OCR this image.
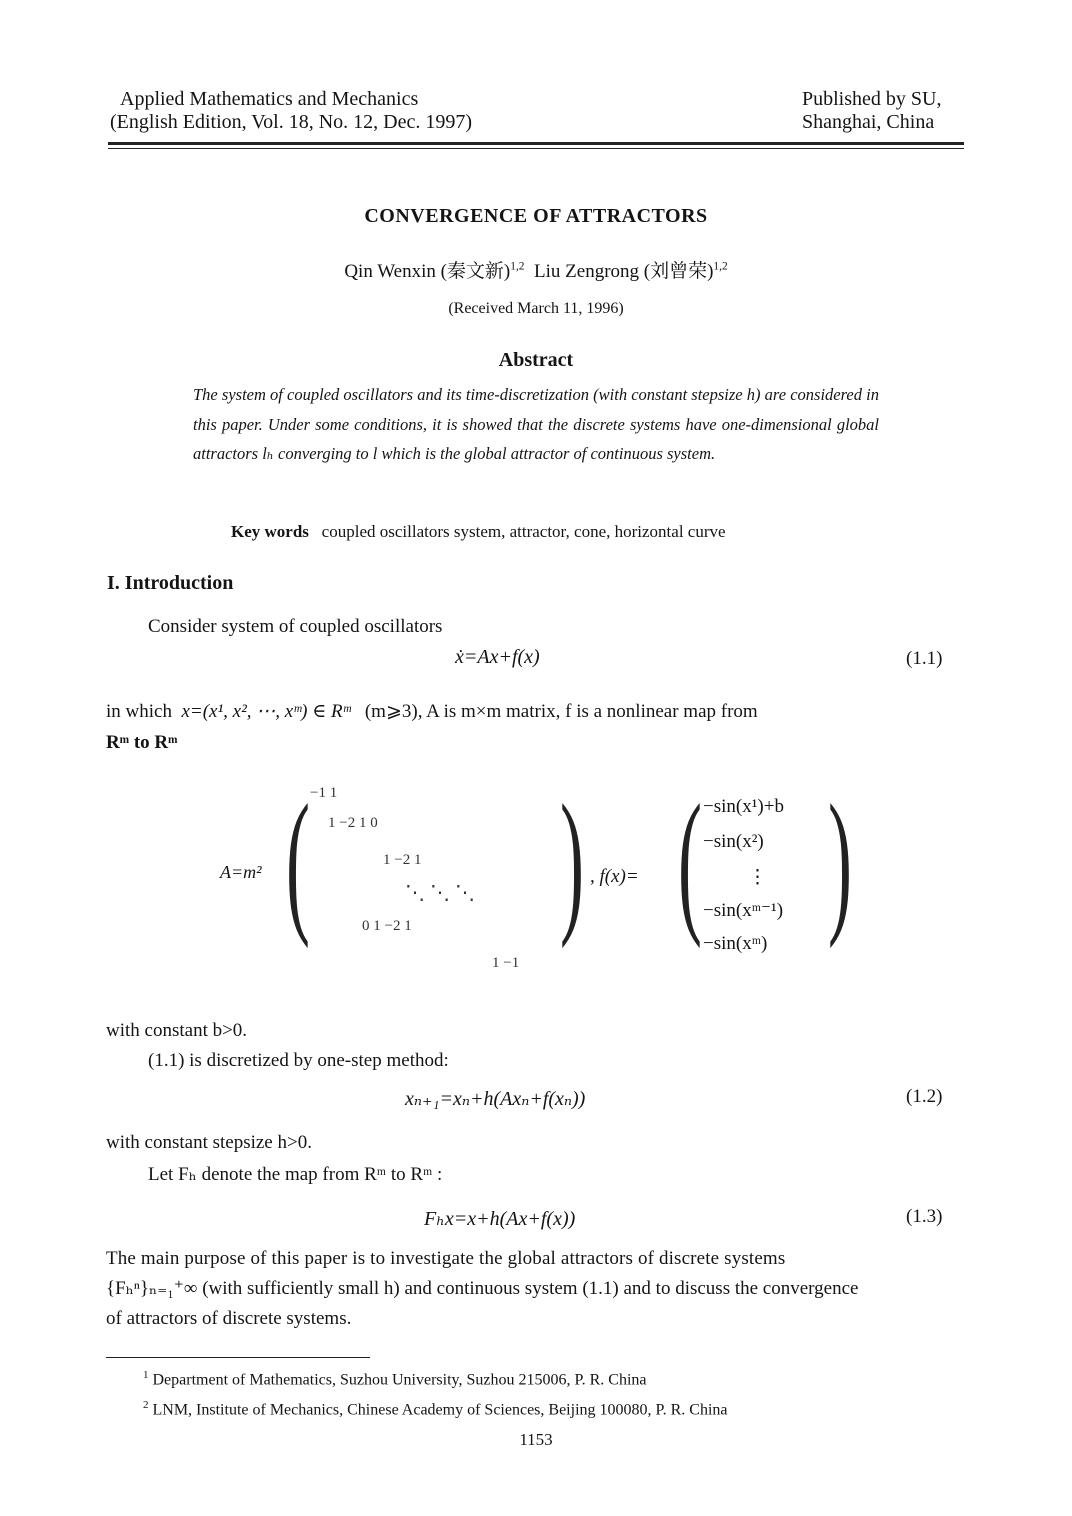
Applied Mathematics and Mechanics
(English Edition, Vol. 18, No. 12, Dec. 1997)
Published by SU,
Shanghai, China
CONVERGENCE OF ATTRACTORS
Qin Wenxin (秦文新)$^{1,2}$ Liu Zengrong (刘曾荣)$^{1,2}$
(Received March 11, 1996)
Abstract
The system of coupled oscillators and its time-discretization (with constant stepsize h) are considered in this paper. Under some conditions, it is showed that the discrete systems have one-dimensional global attractors lₕ converging to l which is the global attractor of continuous system.
Key words coupled oscillators system, attractor, cone, horizontal curve
I. Introduction
Consider system of coupled oscillators
ẋ=Ax+f(x)	(1.1)
in which x=(x¹, x², ⋯, xᵐ) ∈ Rᵐ (m⩾3), A is m×m matrix, f is a nonlinear map from
Rᵐ to Rᵐ
A=m² ( )
−1 1
1 −2 1 0
1 −2 1
⋱ ⋱ ⋱
0 1 −2 1
1 −1
, f(x)= ( )
−sin(x¹)+b
−sin(x²)
⋮
−sin(xᵐ⁻¹)
−sin(xᵐ)
with constant b>0.
(1.1) is discretized by one-step method:
xₙ₊₁=xₙ+h(Axₙ+f(xₙ))	(1.2)
with constant stepsize h>0.
Let Fₕ denote the map from Rᵐ to Rᵐ :
Fₕx=x+h(Ax+f(x))	(1.3)
The main purpose of this paper is to investigate the global attractors of discrete systems
{Fₕⁿ}ₙ₌₁⁺∞ (with sufficiently small h) and continuous system (1.1) and to discuss the convergence
of attractors of discrete systems.
$^1$ Department of Mathematics, Suzhou University, Suzhou 215006, P. R. China
$^2$ LNM, Institute of Mechanics, Chinese Academy of Sciences, Beijing 100080, P. R. China
1153
